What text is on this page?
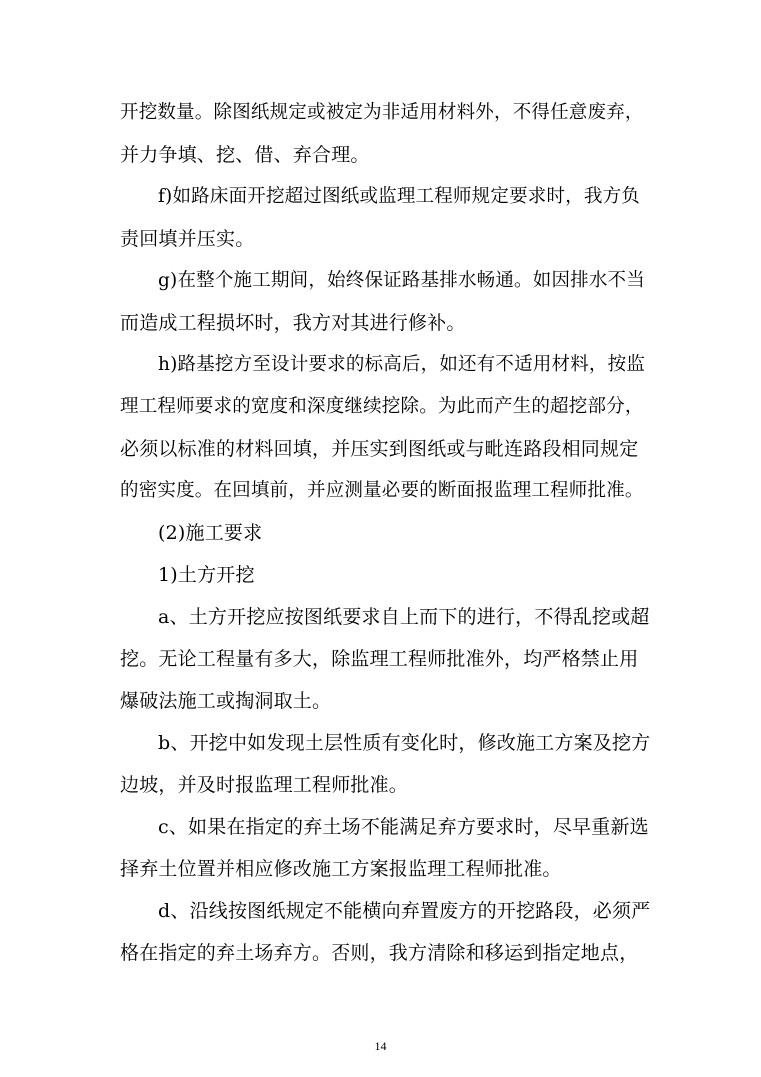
开挖数量。除图纸规定或被定为非适用材料外，不得任意废弃，
并力争填、挖、借、弃合理。
f)如路床面开挖超过图纸或监理工程师规定要求时，我方负
责回填并压实。
g)在整个施工期间，始终保证路基排水畅通。如因排水不当
而造成工程损坏时，我方对其进行修补。
h)路基挖方至设计要求的标高后，如还有不适用材料，按监
理工程师要求的宽度和深度继续挖除。为此而产生的超挖部分，
必须以标准的材料回填，并压实到图纸或与毗连路段相同规定
的密实度。在回填前，并应测量必要的断面报监理工程师批准。
(2)施工要求
1)土方开挖
a、土方开挖应按图纸要求自上而下的进行，不得乱挖或超
挖。无论工程量有多大，除监理工程师批准外，均严格禁止用
爆破法施工或掏洞取土。
b、开挖中如发现土层性质有变化时，修改施工方案及挖方
边坡，并及时报监理工程师批准。
c、如果在指定的弃土场不能满足弃方要求时，尽早重新选
择弃土位置并相应修改施工方案报监理工程师批准。
d、沿线按图纸规定不能横向弃置废方的开挖路段，必须严
格在指定的弃土场弃方。否则，我方清除和移运到指定地点，
14
